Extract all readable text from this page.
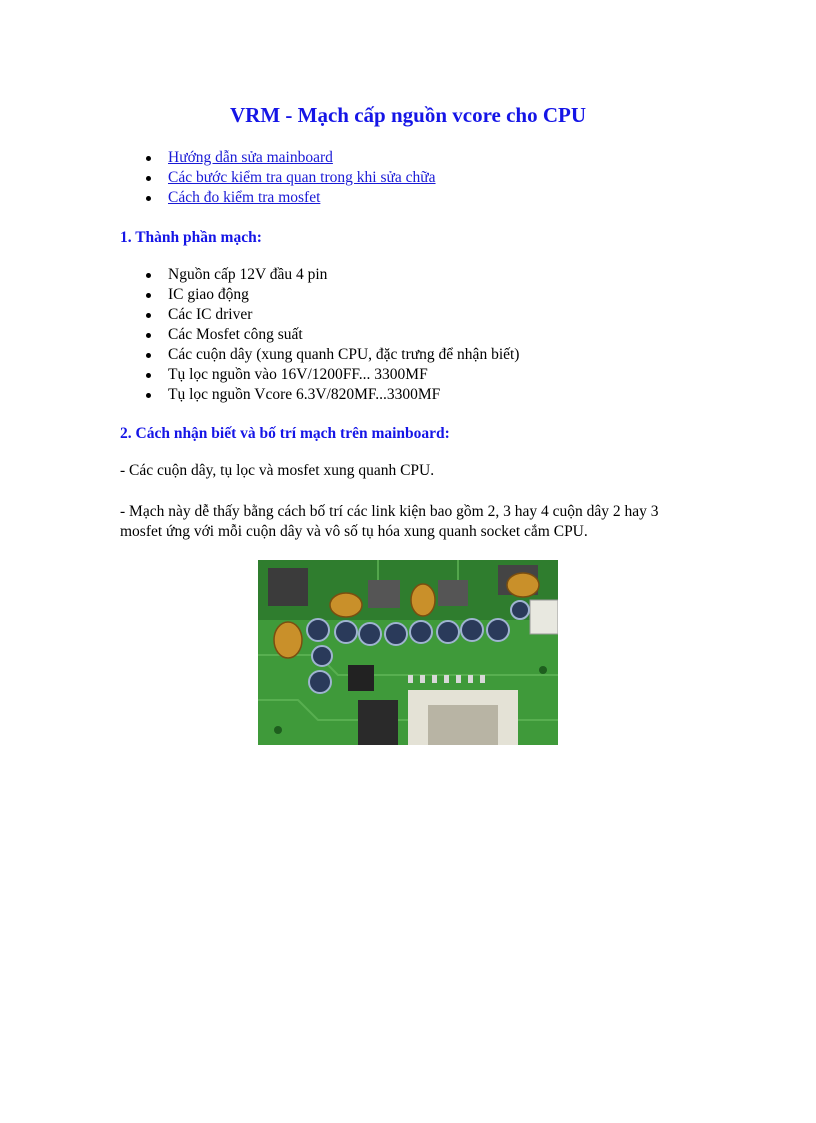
VRM - Mạch cấp nguồn vcore cho CPU
Hướng dẫn sửa mainboard
Các bước kiểm tra quan trong khi sửa chữa
Cách đo kiểm tra mosfet
1. Thành phần mạch:
Nguồn cấp 12V đầu 4 pin
IC giao động
Các IC driver
Các Mosfet công suất
Các cuộn dây (xung quanh CPU, đặc trưng để nhận biết)
Tụ lọc nguồn vào 16V/1200FF... 3300MF
Tụ lọc nguồn Vcore 6.3V/820MF...3300MF
2. Cách nhận biết và bố trí mạch trên mainboard:

- Các cuộn dây, tụ lọc và mosfet xung quanh CPU.

- Mạch này dễ thấy bằng cách bố trí các link kiện bao gồm 2, 3 hay 4 cuộn dây 2 hay 3 mosfet ứng với mỗi cuộn dây và vô số tụ hóa xung quanh socket cắm CPU.
